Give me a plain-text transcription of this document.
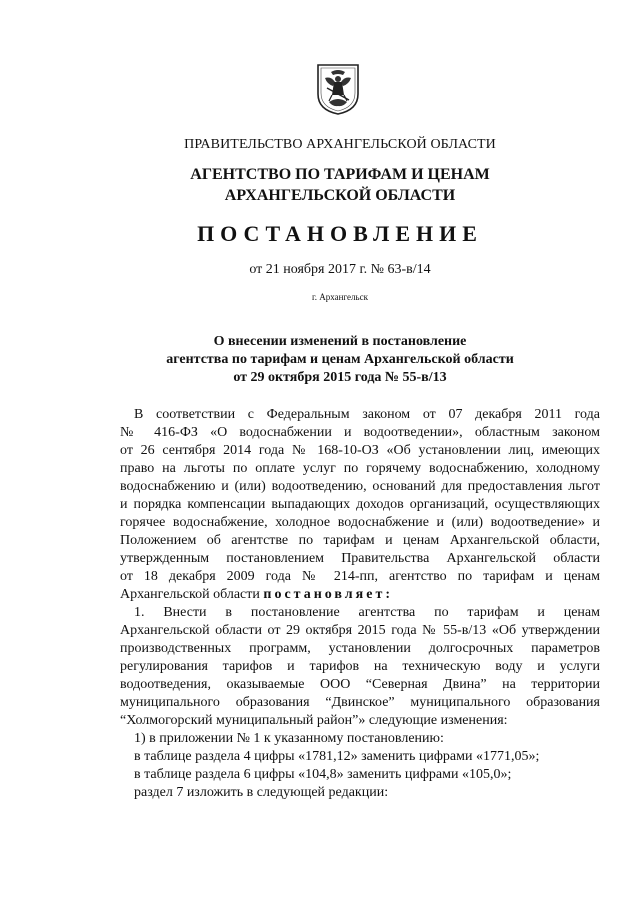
ПРАВИТЕЛЬСТВО АРХАНГЕЛЬСКОЙ ОБЛАСТИ
АГЕНТСТВО ПО ТАРИФАМ И ЦЕНАМ
АРХАНГЕЛЬСКОЙ ОБЛАСТИ
ПОСТАНОВЛЕНИЕ
от 21 ноября 2017 г. № 63-в/14
г. Архангельск
О внесении изменений в постановление
агентства по тарифам и ценам Архангельской области
от 29 октября 2015 года № 55-в/13
В соответствии с Федеральным законом от 07 декабря 2011 года
№ 416-ФЗ «О водоснабжении и водоотведении», областным законом
от 26 сентября 2014 года № 168-10-ОЗ «Об установлении лиц, имеющих
право на льготы по оплате услуг по горячему водоснабжению, холодному
водоснабжению и (или) водоотведению, оснований для предоставления льгот
и порядка компенсации выпадающих доходов организаций, осуществляющих
горячее водоснабжение, холодное водоснабжение и (или) водоотведение» и
Положением об агентстве по тарифам и ценам Архангельской области,
утвержденным постановлением Правительства Архангельской области
от 18 декабря 2009 года № 214-пп, агентство по тарифам и ценам
Архангельской области постановляет:
1. Внести в постановление агентства по тарифам и ценам
Архангельской области от 29 октября 2015 года № 55-в/13 «Об утверждении
производственных программ, установлении долгосрочных параметров
регулирования тарифов и тарифов на техническую воду и услуги
водоотведения, оказываемые ООО “Северная Двина” на территории
муниципального образования “Двинское” муниципального образования
“Холмогорский муниципальный район”» следующие изменения:
1) в приложении № 1 к указанному постановлению:
в таблице раздела 4 цифры «1781,12» заменить цифрами «1771,05»;
в таблице раздела 6 цифры «104,8» заменить цифрами «105,0»;
раздел 7 изложить в следующей редакции:
